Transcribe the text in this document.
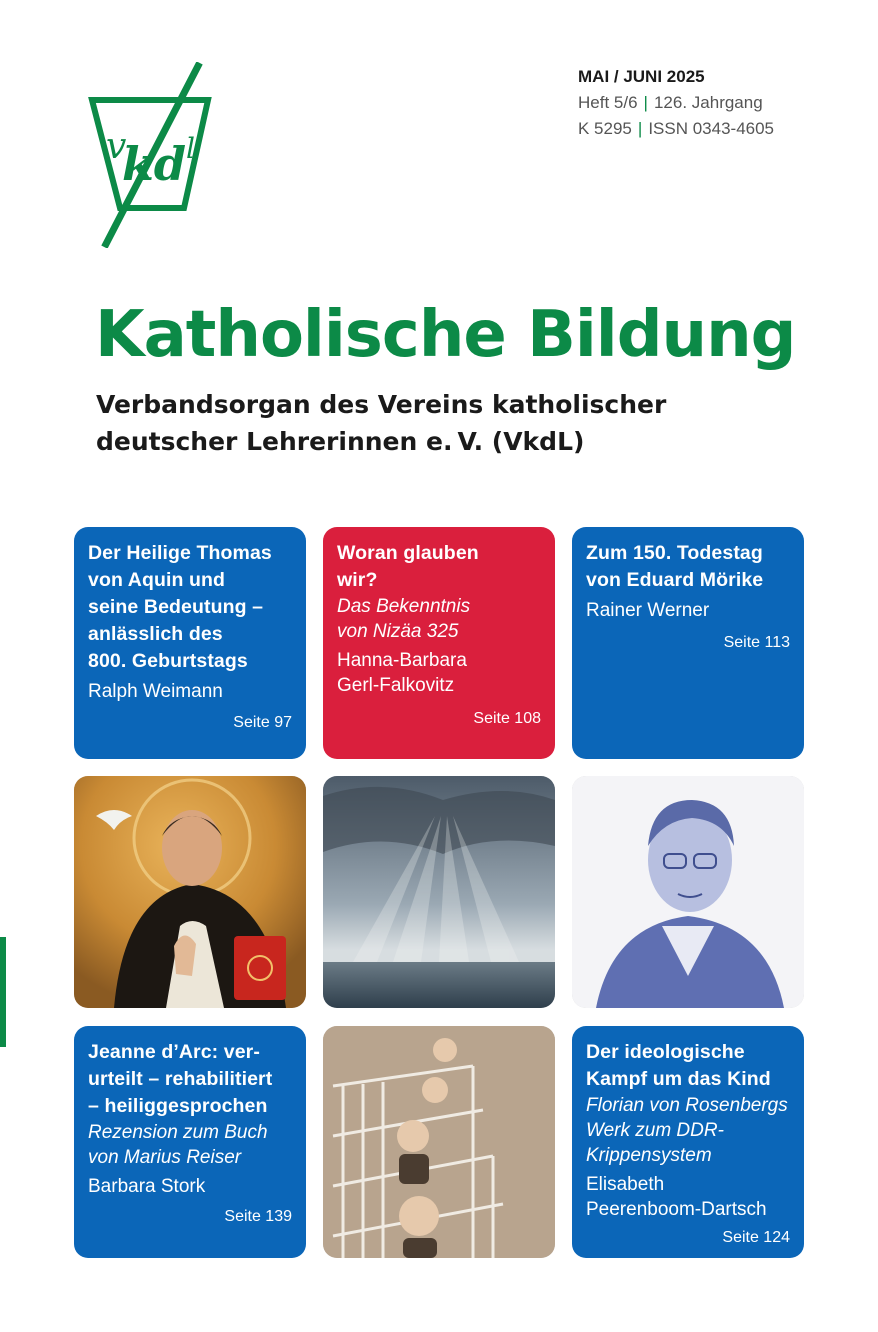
kd
v l
MAI / JUNI 2025
Heft 5/6 | 126. Jahrgang
K 5295 | ISSN 0343-4605
Katholische Bildung
Verbandsorgan des Vereins katholischer
deutscher Lehrerinnen e. V. (VkdL)
Der Heilige Thomas
von Aquin und
seine Bedeutung –
anlässlich des
800. Geburtstags
Ralph Weimann
Seite 97
Woran glauben
wir?
Das Bekenntnis
von Nizäa 325
Hanna-Barbara
Gerl-Falkovitz
Seite 108
Zum 150. Todestag
von Eduard Mörike
Rainer Werner
Seite 113
Jeanne d’Arc: ver-
urteilt – rehabilitiert
– heiliggesprochen
Rezension zum Buch
von Marius Reiser
Barbara Stork
Seite 139
Der ideologische
Kampf um das Kind
Florian von Rosenbergs
Werk zum DDR-
Krippensystem
Elisabeth
Peerenboom-Dartsch
Seite 124
